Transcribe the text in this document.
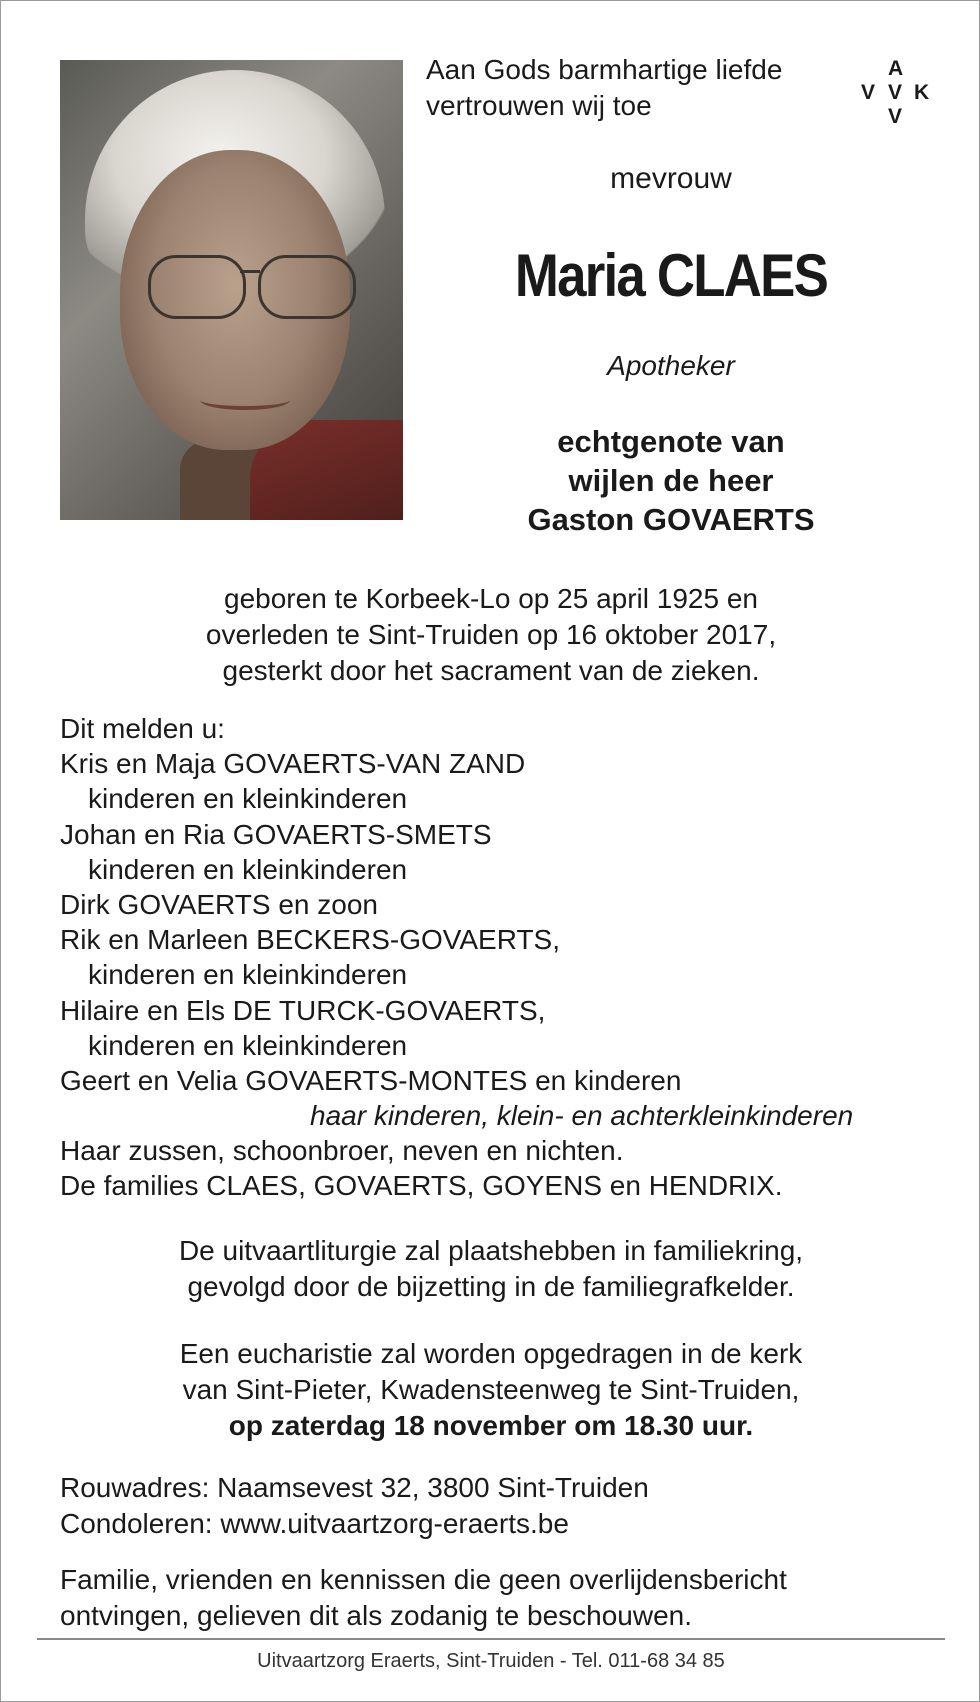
Aan Gods barmhartige liefde

vertrouwen wij toe

A
V V K
V

mevrouw

Maria CLAES

Apotheker

echtgenote van
wijlen de heer
Gaston GOVAERTS
geboren te Korbeek-Lo op 25 april 1925 en
overleden te Sint-Truiden op 16 oktober 2017,
gesterkt door het sacrament van de zieken.
Dit melden u:
Kris en Maja GOVAERTS-VAN ZAND
kinderen en kleinkinderen
Johan en Ria GOVAERTS-SMETS
kinderen en kleinkinderen
Dirk GOVAERTS en zoon
Rik en Marleen BECKERS-GOVAERTS,
kinderen en kleinkinderen
Hilaire en Els DE TURCK-GOVAERTS,
kinderen en kleinkinderen
Geert en Velia GOVAERTS-MONTES en kinderen
haar kinderen, klein- en achterkleinkinderen
Haar zussen, schoonbroer, neven en nichten.
De families CLAES, GOVAERTS, GOYENS en HENDRIX.
De uitvaartliturgie zal plaatshebben in familiekring,
gevolgd door de bijzetting in de familiegrafkelder.
Een eucharistie zal worden opgedragen in de kerk
van Sint-Pieter, Kwadensteenweg te Sint-Truiden,
op zaterdag 18 november om 18.30 uur.
Rouwadres: Naamsevest 32, 3800 Sint-Truiden
Condoleren: www.uitvaartzorg-eraerts.be
Familie, vrienden en kennissen die geen overlijdensbericht
ontvingen, gelieven dit als zodanig te beschouwen.

Uitvaartzorg Eraerts, Sint-Truiden - Tel. 011-68 34 85
